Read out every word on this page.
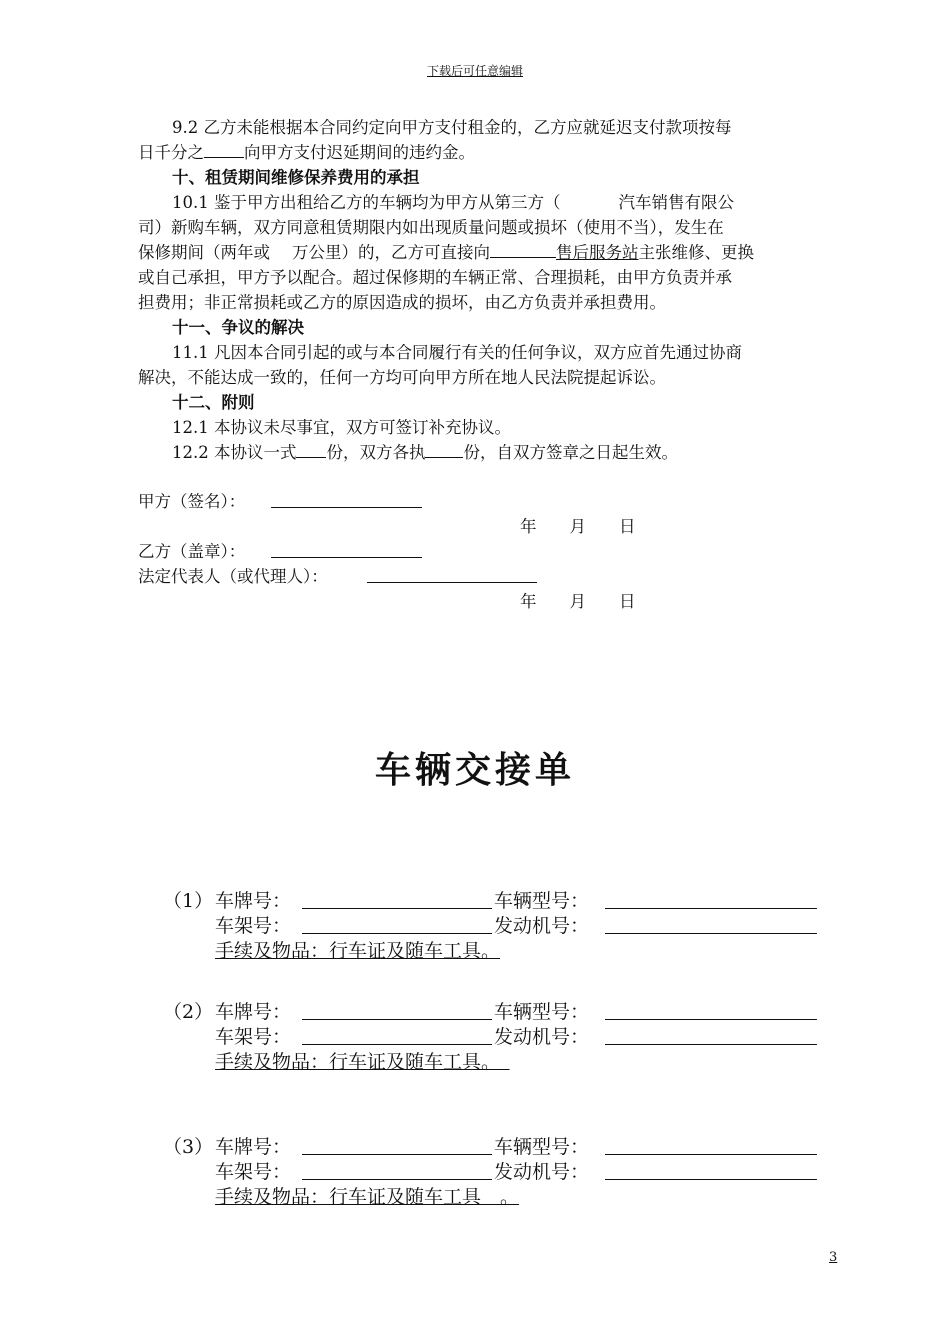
下载后可任意编辑
9.2 乙方未能根据本合同约定向甲方支付租金的，乙方应就延迟支付款项按每
日千分之 向甲方支付迟延期间的违约金。
十、租赁期间维修保养费用的承担
10.1 鉴于甲方出租给乙方的车辆均为甲方从第三方（	汽车销售有限公
司）新购车辆，双方同意租赁期限内如出现质量问题或损坏（使用不当），发生在
保修期间（两年或 万公里）的，乙方可直接向	售后服务站主张维修、更换
或自己承担，甲方予以配合。超过保修期的车辆正常、合理损耗，由甲方负责并承
担费用；非正常损耗或乙方的原因造成的损坏，由乙方负责并承担费用。
十一、争议的解决
11.1 凡因本合同引起的或与本合同履行有关的任何争议，双方应首先通过协商
解决，不能达成一致的，任何一方均可向甲方所在地人民法院提起诉讼。
十二、附则
12.1 本协议未尽事宜，双方可签订补充协议。
12.2 本协议一式 份，双方各执 份，自双方签章之日起生效。
甲方（签名）：
年　　月　　日
乙方（盖章）：
法定代表人（或代理人）：
年　　月　　日
车辆交接单
（1） 车牌号：	车辆型号：
车架号：	发动机号：
手续及物品：行车证及随车工具。
（2） 车牌号：	车辆型号：
车架号：	发动机号：
手续及物品：行车证及随车工具。　
（3） 车牌号：	车辆型号：
车架号：	发动机号：
手续及物品：行车证及随车工具　。
3
